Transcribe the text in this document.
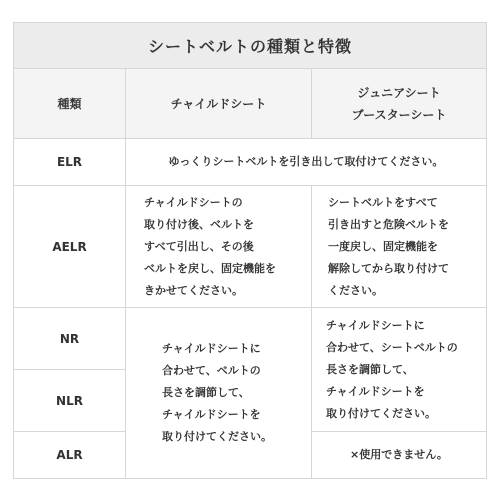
シートベルトの種類と特徴
種類	チャイルドシート
ジュニアシート
ブースターシート
ELR	ゆっくりシートベルトを引き出して取付けてください。
AELR
チャイルドシートの
取り付け後、ベルトを
すべて引出し、その後
ベルトを戻し、固定機能を
きかせてください。
シートベルトをすべて
引き出すと危険ベルトを
一度戻し、固定機能を
解除してから取り付けて
ください。
NR
NLR
ALR
チャイルドシートに
合わせて、ベルトの
長さを調節して、
チャイルドシートを
取り付けてください。
チャイルドシートに
合わせて、シートベルトの
長さを調節して、
チャイルドシートを
取り付けてください。
×使用できません。
